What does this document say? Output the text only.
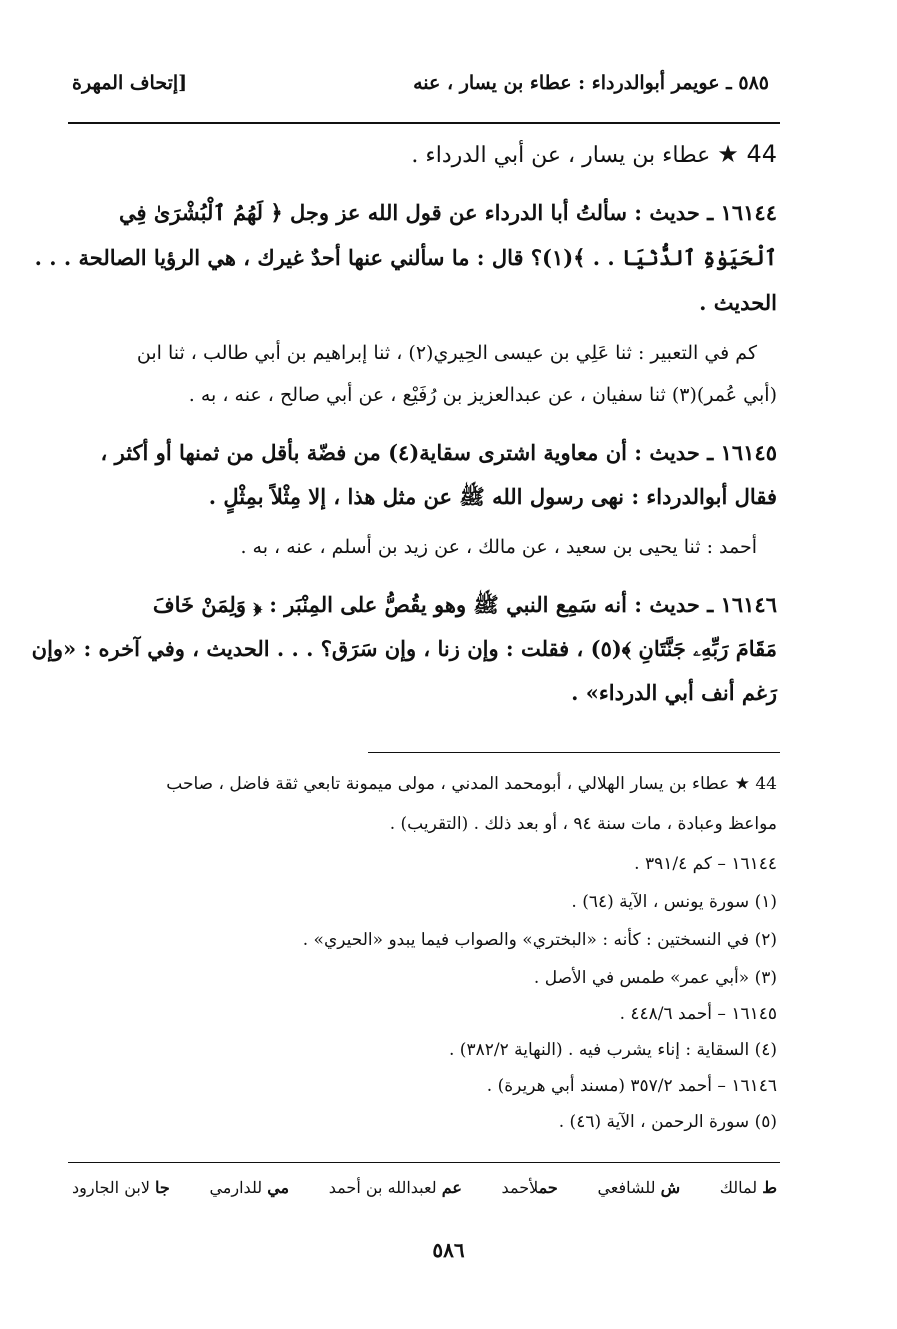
٥٨٥ ـ عويمر أبوالدرداء : عطاء بن يسار ، عنه
[إتحاف المهرة
44 ★ عطاء بن يسار ، عن أبي الدرداء .
١٦١٤٤ ـ حديث : سألتُ أبا الدرداء عن قول الله عز وجل ﴿ لَهُمُ ٱلْبُشْرَىٰ فِي
ٱلْحَيَوٰةِ ٱلدُّنْيَا . . ﴾(١)؟ قال : ما سألني عنها أحدٌ غيرك ، هي الرؤيا الصالحة . . .
الحديث .
كم في التعبير : ثنا عَلِي بن عيسى الحِيري(٢) ، ثنا إبراهيم بن أبي طالب ، ثنا ابن
(أبي عُمر)(٣) ثنا سفيان ، عن عبدالعزيز بن رُفَيْع ، عن أبي صالح ، عنه ، به .
١٦١٤٥ ـ حديث : أن معاوية اشترى سقاية(٤) من فضّة بأقل من ثمنها أو أكثر ،
فقال أبوالدرداء : نهى رسول الله ﷺ عن مثل هذا ، إلا مِثْلاً بمِثْلٍ .
أحمد : ثنا يحيى بن سعيد ، عن مالك ، عن زيد بن أسلم ، عنه ، به .
١٦١٤٦ ـ حديث : أنه سَمِع النبي ﷺ وهو يقُصُّ على المِنْبَر : ﴿ وَلِمَنْ خَافَ
مَقَامَ رَبِّهِۦ جَنَّتَانِ ﴾(٥) ، فقلت : وإن زنا ، وإن سَرَق؟ . . . الحديث ، وفي آخره : «وإن
رَغم أنف أبي الدرداء» .
44 ★ عطاء بن يسار الهلالي ، أبومحمد المدني ، مولى ميمونة تابعي ثقة فاضل ، صاحب
مواعظ وعبادة ، مات سنة ٩٤ ، أو بعد ذلك . (التقريب) .
١٦١٤٤ – كم ٣٩١/٤ .
(١) سورة يونس ، الآية (٦٤) .
(٢) في النسختين : كأنه : «البختري» والصواب فيما يبدو «الحيري» .
(٣) «أبي عمر» طمس في الأصل .
١٦١٤٥ – أحمد ٤٤٨/٦ .
(٤) السقاية : إناء يشرب فيه . (النهاية ٣٨٢/٢) .
١٦١٤٦ – أحمد ٣٥٧/٢ (مسند أبي هريرة) .
(٥) سورة الرحمن ، الآية (٤٦) .
ط لمالك
ش للشافعي
حملأحمد
عم لعبدالله بن أحمد
مي للدارمي
جا لابن الجارود
٥٨٦
